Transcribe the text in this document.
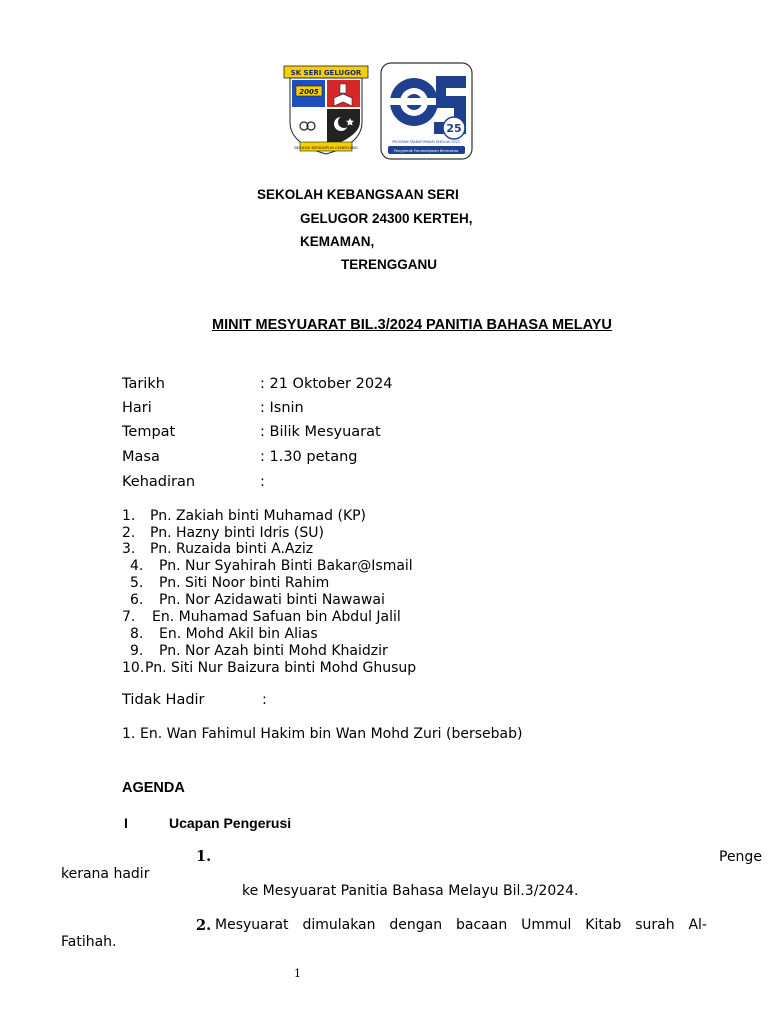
SK SERI GELUGOR
2005
BERILMU BERDISIPLIN CEMERLANG
25
PROGRAM TRANSFORMASI SEKOLAH 2025
Penggerak Pembelajaran Bermakna
SEKOLAH KEBANGSAAN SERI
GELUGOR 24300 KERTEH,
KEMAMAN,
TERENGGANU
MINIT MESYUARAT BIL.3/2024 PANITIA BAHASA MELAYU
Tarikh	: 21 Oktober 2024
Hari	: Isnin
Tempat	: Bilik Mesyuarat
Masa	: 1.30 petang
Kehadiran	:
1. Pn. Zakiah binti Muhamad (KP)
2. Pn. Hazny binti Idris (SU)
3. Pn. Ruzaida binti A.Aziz
4. Pn. Nur Syahirah Binti Bakar@Ismail
5. Pn. Siti Noor binti Rahim
6. Pn. Nor Azidawati binti Nawawai
7. En. Muhamad Safuan bin Abdul Jalil
8. En. Mohd Akil bin Alias
9. Pn. Nor Azah binti Mohd Khaidzir
10. Pn. Siti Nur Baizura binti Mohd Ghusup
Tidak Hadir	:
1. En. Wan Fahimul Hakim bin Wan Mohd Zuri (bersebab)
AGENDA
I	Ucapan Pengerusi
1.	Penge
kerana hadir
ke Mesyuarat Panitia Bahasa Melayu Bil.3/2024.
2. Mesyuarat dimulakan dengan bacaan Ummul Kitab surah Al-
Fatihah.
1
